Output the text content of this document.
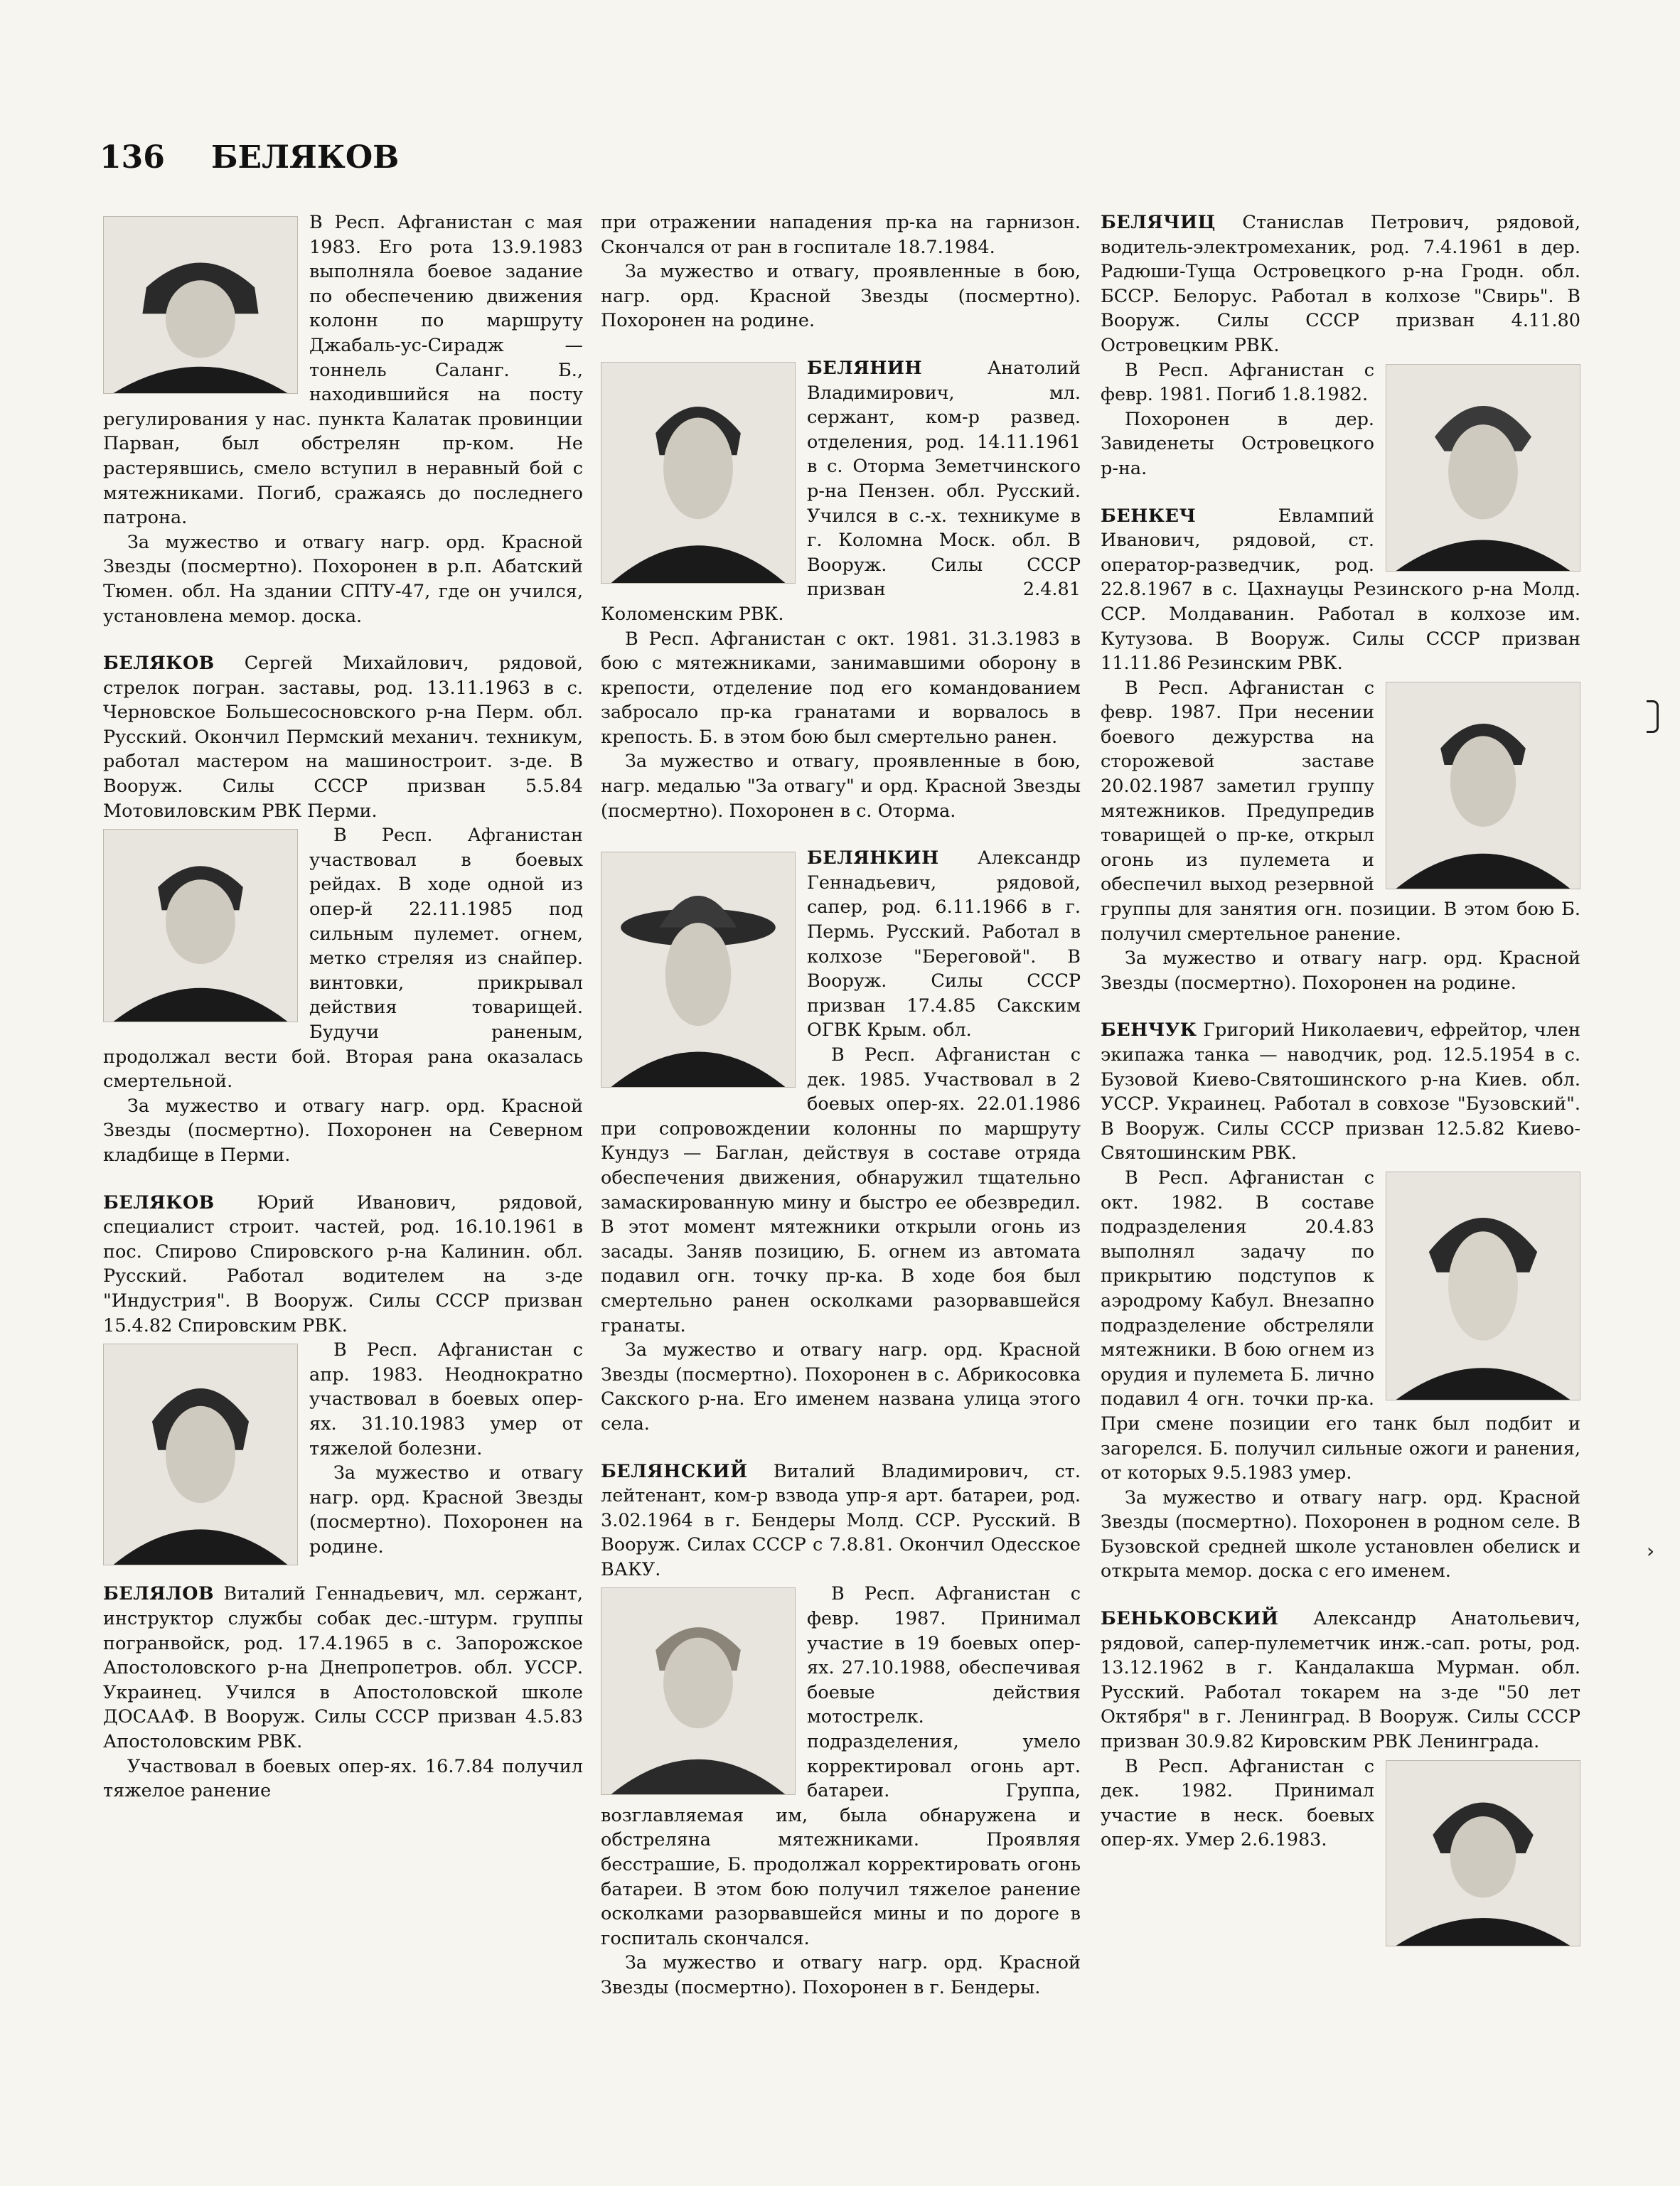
136 БЕЛЯКОВ

В Респ. Афганистан с мая 1983. Его рота 13.9.1983 выполняла боевое задание по обеспечению движения колонн по маршруту Джабаль-ус-Сирадж — тоннель Саланг. Б., находившийся на посту регулирования у нас. пункта Калатак провинции Парван, был обстрелян пр-ком. Не растерявшись, смело вступил в неравный бой с мятежниками. Погиб, сражаясь до последнего патрона.

За мужество и отвагу нагр. орд. Красной Звезды (посмертно). Похоронен в р.п. Абатский Тюмен. обл. На здании СПТУ-47, где он учился, установлена мемор. доска.

БЕЛЯКОВ Сергей Михайлович, рядовой, стрелок погран. заставы, род. 13.11.1963 в с. Черновское Большесосновского р-на Перм. обл. Русский. Окончил Пермский механич. техникум, работал мастером на машиностроит. з-де. В Вооруж. Силы СССР призван 5.5.84 Мотовиловским РВК Перми.

В Респ. Афганистан участвовал в боевых рейдах. В ходе одной из опер-й 22.11.1985 под сильным пулемет. огнем, метко стреляя из снайпер. винтовки, прикрывал действия товарищей. Будучи раненым, продолжал вести бой. Вторая рана оказалась смертельной.

За мужество и отвагу нагр. орд. Красной Звезды (посмертно). Похоронен на Северном кладбище в Перми.

БЕЛЯКОВ Юрий Иванович, рядовой, специалист строит. частей, род. 16.10.1961 в пос. Спирово Спировского р-на Калинин. обл. Русский. Работал водителем на з-де "Индустрия". В Вооруж. Силы СССР призван 15.4.82 Спировским РВК.

В Респ. Афганистан с апр. 1983. Неоднократно участвовал в боевых опер-ях. 31.10.1983 умер от тяжелой болезни.

За мужество и отвагу нагр. орд. Красной Звезды (посмертно). Похоронен на родине.

БЕЛЯЛОВ Виталий Геннадьевич, мл. сержант, инструктор службы собак дес.-штурм. группы погранвойск, род. 17.4.1965 в с. Запорожское Апостоловского р-на Днепропетров. обл. УССР. Украинец. Учился в Апостоловской школе ДОСААФ. В Вооруж. Силы СССР призван 4.5.83 Апостоловским РВК.

Участвовал в боевых опер-ях. 16.7.84 получил тяжелое ранение

при отражении нападения пр-ка на гарнизон. Скончался от ран в госпитале 18.7.1984.

За мужество и отвагу, проявленные в бою, нагр. орд. Красной Звезды (посмертно). Похоронен на родине.

БЕЛЯНИН	Анатолий Владимирович, мл. сержант, ком-р развед. отделения, род. 14.11.1961 в с. Оторма Земетчинского р-на Пензен. обл. Русский. Учился в с.-х. техникуме в г. Коломна Моск. обл. В Вооруж. Силы СССР призван 2.4.81 Коломенским РВК.

В Респ. Афганистан с окт. 1981. 31.3.1983 в бою с мятежниками, занимавшими оборону в крепости, отделение под его командованием забросало пр-ка гранатами и ворвалось в крепость. Б. в этом бою был смертельно ранен.

За мужество и отвагу, проявленные в бою, нагр. медалью "За отвагу" и орд. Красной Звезды (посмертно). Похоронен в с. Оторма.

БЕЛЯНКИН Александр Геннадьевич, рядовой, сапер, род. 6.11.1966 в г. Пермь. Русский. Работал в колхозе "Береговой". В Вооруж. Силы СССР призван 17.4.85 Сакским ОГВК Крым. обл.

В Респ. Афганистан с дек. 1985. Участвовал в 2 боевых опер-ях. 22.01.1986 при сопровождении колонны по маршруту Кундуз — Баглан, действуя в составе отряда обеспечения движения, обнаружил тщательно замаскированную мину и быстро ее обезвредил. В этот момент мятежники открыли огонь из засады. Заняв позицию, Б. огнем из автомата подавил огн. точку пр-ка. В ходе боя был смертельно ранен осколками разорвавшейся гранаты.

За мужество и отвагу нагр. орд. Красной Звезды (посмертно). Похоронен в с. Абрикосовка Сакского р-на. Его именем названа улица этого села.

БЕЛЯНСКИЙ Виталий Владимирович, ст. лейтенант, ком-р взвода упр-я арт. батареи, род. 3.02.1964 в г. Бендеры Молд. ССР. Русский. В Вооруж. Силах СССР с 7.8.81. Окончил Одесское ВАКУ.

В Респ. Афганистан с февр. 1987. Принимал участие в 19 боевых опер-ях. 27.10.1988, обеспечивая боевые действия мотострелк. подразделения, умело корректировал огонь арт. батареи. Группа, возглавляемая им, была обнаружена и обстреляна мятежниками. Проявляя бесстрашие, Б. продолжал корректировать огонь батареи. В этом бою получил тяжелое ранение осколками разорвавшейся мины и по дороге в госпиталь скончался.

За мужество и отвагу нагр. орд. Красной Звезды (посмертно). Похоронен в г. Бендеры.

БЕЛЯЧИЦ Станислав Петрович, рядовой, водитель-электромеханик, род. 7.4.1961 в дер. Радюши-Туща Островецкого р-на Гродн. обл. БССР. Белорус. Работал в колхозе "Свирь". В Вооруж. Силы СССР призван 4.11.80 Островецким РВК.

В Респ. Афганистан с февр. 1981. Погиб 1.8.1982.

Похоронен в дер. Завиденеты Островецкого р-на.

БЕНКЕЧ	Евлампий Иванович, рядовой, ст. оператор-разведчик, род. 22.8.1967 в с. Цахнауцы Резинского р-на Молд. ССР. Молдаванин. Работал в колхозе им. Кутузова. В Вооруж. Силы СССР призван 11.11.86 Резинским РВК.

В Респ. Афганистан с февр. 1987. При несении боевого дежурства на сторожевой заставе 20.02.1987 заметил группу мятежников. Предупредив товарищей о пр-ке, открыл огонь из пулемета и обеспечил выход резервной группы для занятия огн. позиции. В этом бою Б. получил смертельное ранение.

За мужество и отвагу нагр. орд. Красной Звезды (посмертно). Похоронен на родине.

БЕНЧУК Григорий Николаевич, ефрейтор, член экипажа танка — наводчик, род. 12.5.1954 в с. Бузовой Киево-Святошинского р-на Киев. обл. УССР. Украинец. Работал в совхозе "Бузовский". В Вооруж. Силы СССР призван 12.5.82 Киево-Святошинским РВК.

В Респ. Афганистан с окт. 1982. В составе подразделения 20.4.83 выполнял задачу по прикрытию подступов к аэродрому Кабул. Внезапно подразделение обстреляли мятежники. В бою огнем из орудия и пулемета Б. лично подавил 4 огн. точки пр-ка. При смене позиции его танк был подбит и загорелся. Б. получил сильные ожоги и ранения, от которых 9.5.1983 умер.

За мужество и отвагу нагр. орд. Красной Звезды (посмертно). Похоронен в родном селе. В Бузовской средней школе установлен обелиск и открыта мемор. доска с его именем.

БЕНЬКОВСКИЙ Александр Анатольевич, рядовой, сапер-пулеметчик инж.-сап. роты, род. 13.12.1962 в г. Кандалакша Мурман. обл. Русский. Работал токарем на з-де "50 лет Октября" в г. Ленинград. В Вооруж. Силы СССР призван 30.9.82 Кировским РВК Ленинграда.

В Респ. Афганистан с дек. 1982. Принимал участие в неск. боевых опер-ях. Умер 2.6.1983.

›
